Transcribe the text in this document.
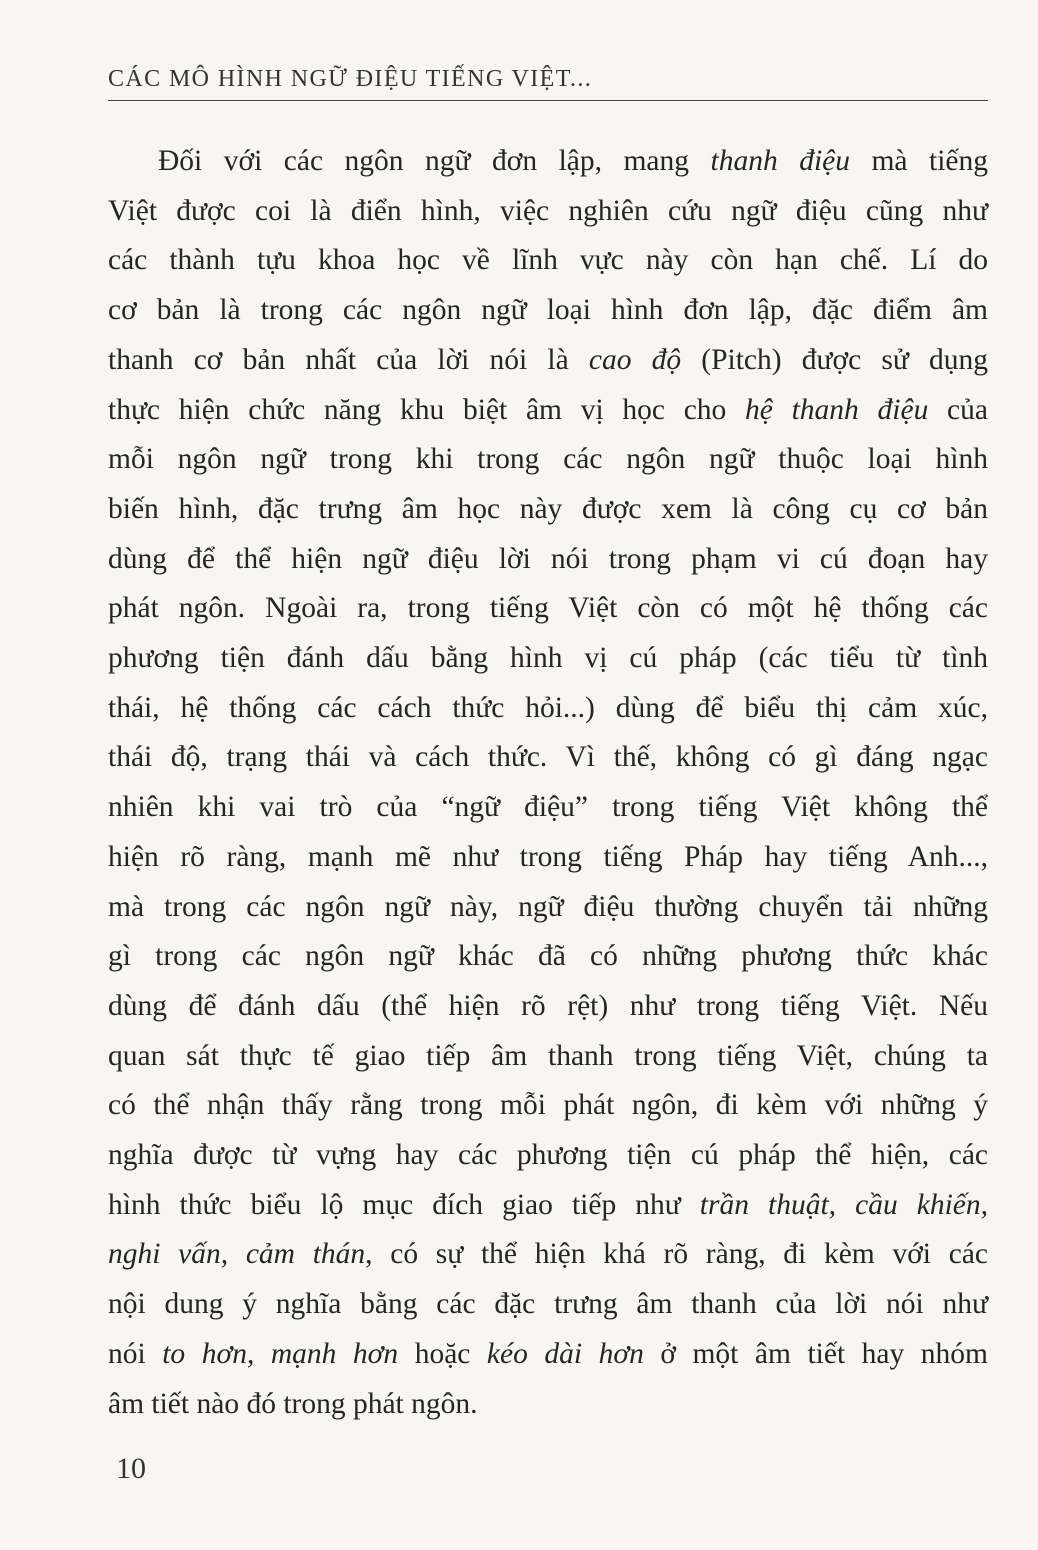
CÁC MÔ HÌNH NGỮ ĐIỆU TIẾNG VIỆT...
Đối với các ngôn ngữ đơn lập, mang thanh điệu mà tiếng
Việt được coi là điển hình, việc nghiên cứu ngữ điệu cũng như
các thành tựu khoa học về lĩnh vực này còn hạn chế. Lí do
cơ bản là trong các ngôn ngữ loại hình đơn lập, đặc điểm âm
thanh cơ bản nhất của lời nói là cao độ (Pitch) được sử dụng
thực hiện chức năng khu biệt âm vị học cho hệ thanh điệu của
mỗi ngôn ngữ trong khi trong các ngôn ngữ thuộc loại hình
biến hình, đặc trưng âm học này được xem là công cụ cơ bản
dùng để thể hiện ngữ điệu lời nói trong phạm vi cú đoạn hay
phát ngôn. Ngoài ra, trong tiếng Việt còn có một hệ thống các
phương tiện đánh dấu bằng hình vị cú pháp (các tiểu từ tình
thái, hệ thống các cách thức hỏi...) dùng để biểu thị cảm xúc,
thái độ, trạng thái và cách thức. Vì thế, không có gì đáng ngạc
nhiên khi vai trò của “ngữ điệu” trong tiếng Việt không thể
hiện rõ ràng, mạnh mẽ như trong tiếng Pháp hay tiếng Anh...,
mà trong các ngôn ngữ này, ngữ điệu thường chuyển tải những
gì trong các ngôn ngữ khác đã có những phương thức khác
dùng để đánh dấu (thể hiện rõ rệt) như trong tiếng Việt. Nếu
quan sát thực tế giao tiếp âm thanh trong tiếng Việt, chúng ta
có thể nhận thấy rằng trong mỗi phát ngôn, đi kèm với những ý
nghĩa được từ vựng hay các phương tiện cú pháp thể hiện, các
hình thức biểu lộ mục đích giao tiếp như trần thuật, cầu khiến,
nghi vấn, cảm thán, có sự thể hiện khá rõ ràng, đi kèm với các
nội dung ý nghĩa bằng các đặc trưng âm thanh của lời nói như
nói to hơn, mạnh hơn hoặc kéo dài hơn ở một âm tiết hay nhóm
âm tiết nào đó trong phát ngôn.
10
